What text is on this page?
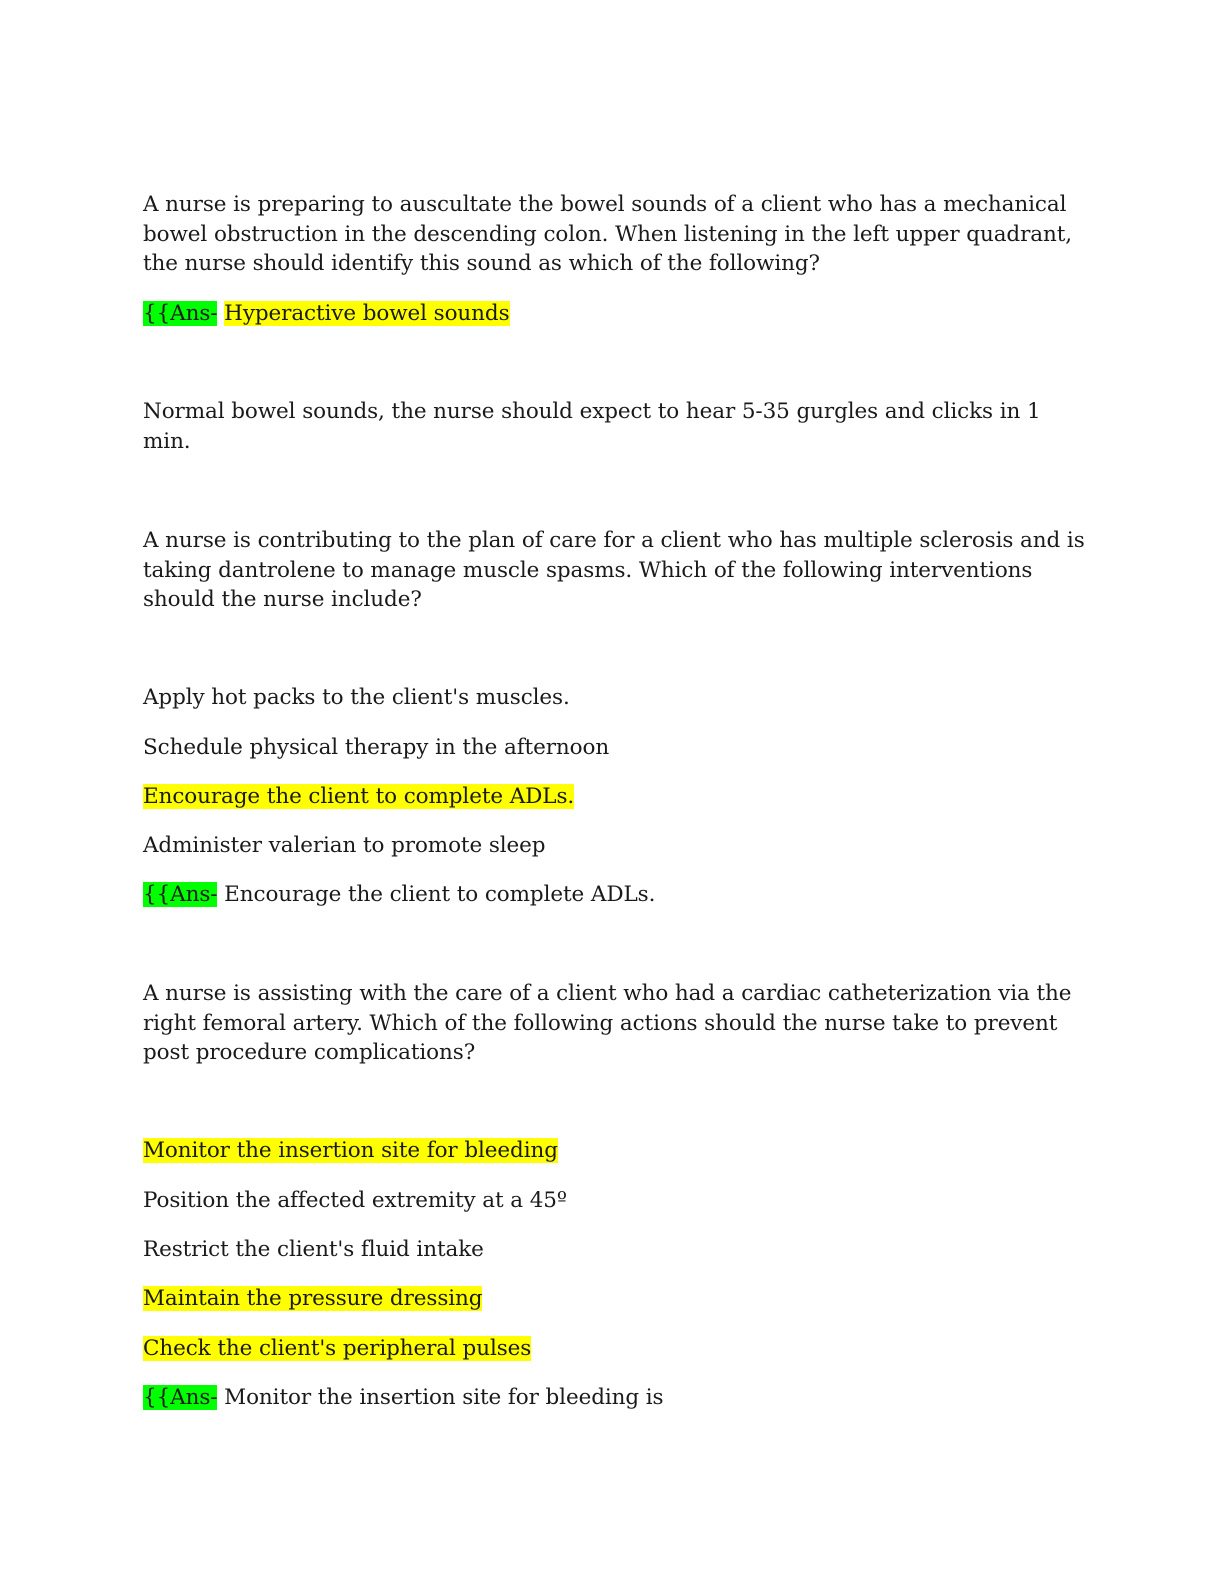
A nurse is preparing to auscultate the bowel sounds of a client who has a mechanical
bowel obstruction in the descending colon. When listening in the left upper quadrant,
the nurse should identify this sound as which of the following?
{{Ans- Hyperactive bowel sounds
Normal bowel sounds, the nurse should expect to hear 5-35 gurgles and clicks in 1
min.
A nurse is contributing to the plan of care for a client who has multiple sclerosis and is
taking dantrolene to manage muscle spasms. Which of the following interventions
should the nurse include?
Apply hot packs to the client's muscles.
Schedule physical therapy in the afternoon
Encourage the client to complete ADLs.
Administer valerian to promote sleep
{{Ans- Encourage the client to complete ADLs.
A nurse is assisting with the care of a client who had a cardiac catheterization via the
right femoral artery. Which of the following actions should the nurse take to prevent
post procedure complications?
Monitor the insertion site for bleeding
Position the affected extremity at a 45º
Restrict the client's fluid intake
Maintain the pressure dressing
Check the client's peripheral pulses
{{Ans- Monitor the insertion site for bleeding is
